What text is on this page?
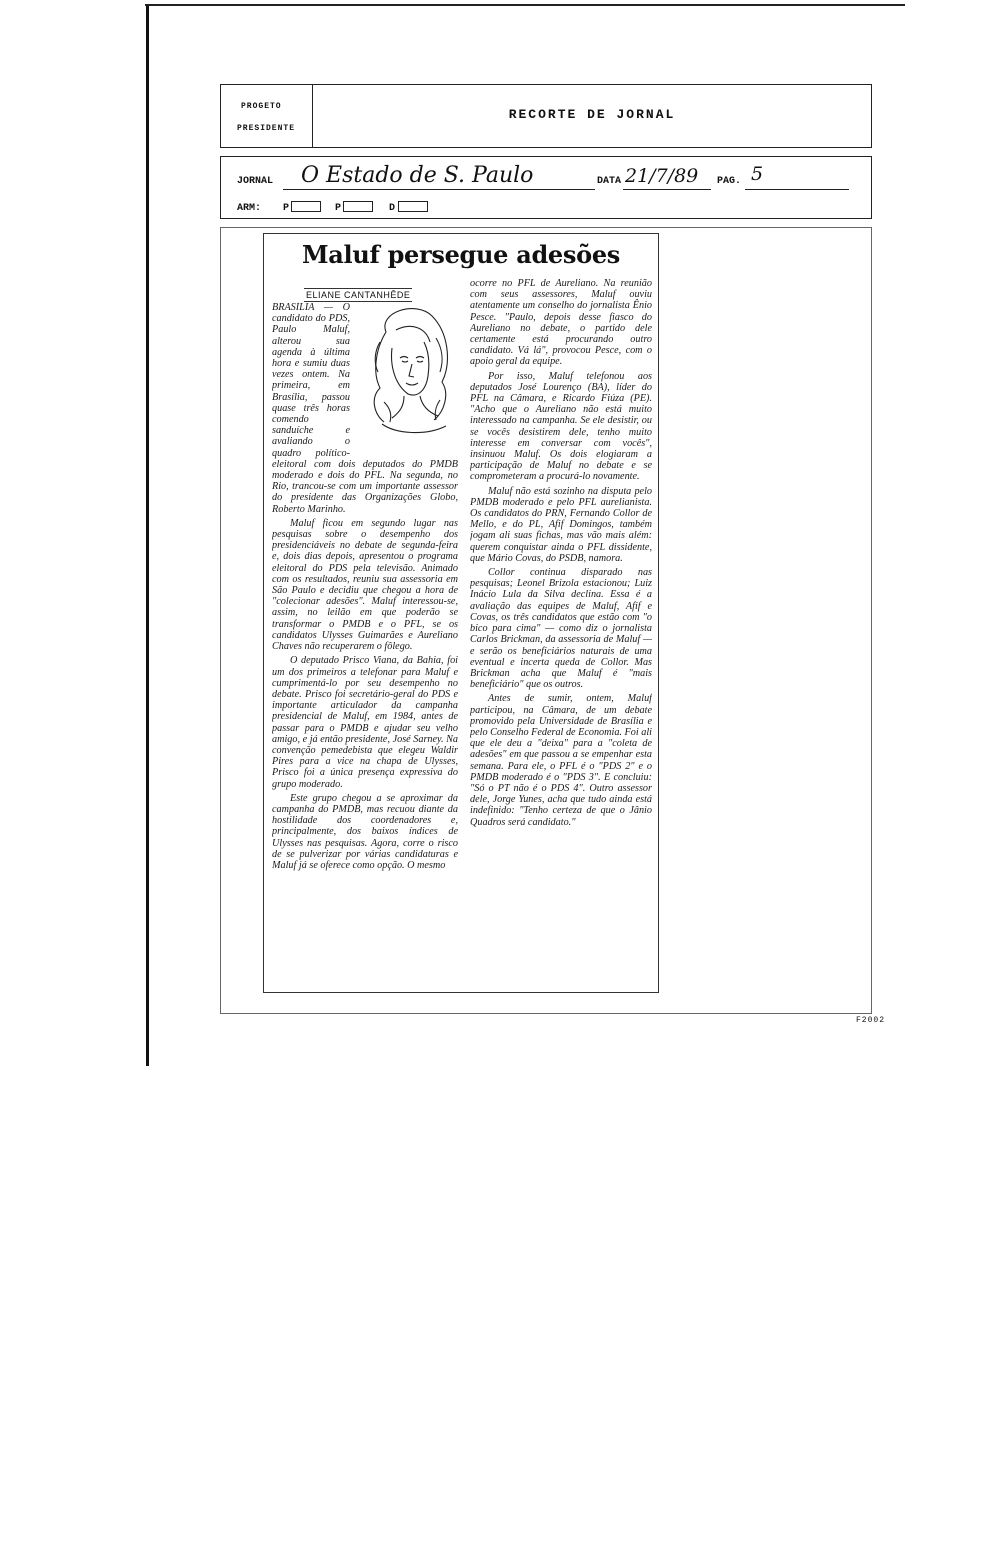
PROGETO
PRESIDENTE
RECORTE DE JORNAL
JORNAL O Estado de S. Paulo	DATA 21/7/89 PAG. 5
ARM: P	P	D
Maluf persegue adesões
ELIANE CANTANHÊDE

BRASÍLIA — O candidato do PDS, Paulo Maluf, alterou sua agenda à última hora e sumiu duas vezes ontem. Na primeira, em Brasília, passou quase três horas comendo sanduíche e avaliando o quadro político-eleitoral com dois deputados do PMDB moderado e dois do PFL. Na segunda, no Rio, trancou-se com um importante assessor do presidente das Organizações Globo, Roberto Marinho.

Maluf ficou em segundo lugar nas pesquisas sobre o desempenho dos presidenciáveis no debate de segunda-feira e, dois dias depois, apresentou o programa eleitoral do PDS pela televisão. Animado com os resultados, reuniu sua assessoria em São Paulo e decidiu que chegou a hora de "colecionar adesões". Maluf interessou-se, assim, no leilão em que poderão se transformar o PMDB e o PFL, se os candidatos Ulysses Guimarães e Aureliano Chaves não recuperarem o fôlego.

O deputado Prisco Viana, da Bahia, foi um dos primeiros a telefonar para Maluf e cumprimentá-lo por seu desempenho no debate. Prisco foi secretário-geral do PDS e importante articulador da campanha presidencial de Maluf, em 1984, antes de passar para o PMDB e ajudar seu velho amigo, e já então presidente, José Sarney. Na convenção pemedebista que elegeu Waldir Pires para a vice na chapa de Ulysses, Prisco foi a única presença expressiva do grupo moderado.

Este grupo chegou a se aproximar da campanha do PMDB, mas recuou diante da hostilidade dos coordenadores e, principalmente, dos baixos índices de Ulysses nas pesquisas. Agora, corre o risco de se pulverizar por várias candidaturas e Maluf já se oferece como opção. O mesmo

ocorre no PFL de Aureliano. Na reunião com seus assessores, Maluf ouviu atentamente um conselho do jornalista Ênio Pesce. "Paulo, depois desse fiasco do Aureliano no debate, o partido dele certamente está procurando outro candidato. Vá lá", provocou Pesce, com o apoio geral da equipe.

Por isso, Maluf telefonou aos deputados José Lourenço (BA), líder do PFL na Câmara, e Ricardo Fiúza (PE). "Acho que o Aureliano não está muito interessado na campanha. Se ele desistir, ou se vocês desistirem dele, tenho muito interesse em conversar com vocês", insinuou Maluf. Os dois elogiaram a participação de Maluf no debate e se comprometeram a procurá-lo novamente.

Maluf não está sozinho na disputa pelo PMDB moderado e pelo PFL aurelianista. Os candidatos do PRN, Fernando Collor de Mello, e do PL, Afif Domingos, também jogam ali suas fichas, mas vão mais além: querem conquistar ainda o PFL dissidente, que Mário Covas, do PSDB, namora.

Collor continua disparado nas pesquisas; Leonel Brizola estacionou; Luiz Inácio Lula da Silva declina. Essa é a avaliação das equipes de Maluf, Afif e Covas, os três candidatos que estão com "o bico para cima" — como diz o jornalista Carlos Brickman, da assessoria de Maluf — e serão os beneficiários naturais de uma eventual e incerta queda de Collor. Mas Brickman acha que Maluf é "mais beneficiário" que os outros.

Antes de sumir, ontem, Maluf participou, na Câmara, de um debate promovido pela Universidade de Brasília e pelo Conselho Federal de Economia. Foi ali que ele deu a "deixa" para a "coleta de adesões" em que passou a se empenhar esta semana. Para ele, o PFL é o "PDS 2" e o PMDB moderado é o "PDS 3". E concluiu: "Só o PT não é o PDS 4". Outro assessor dele, Jorge Yunes, acha que tudo ainda está indefinido: "Tenho certeza de que o Jânio Quadros será candidato."

F2002
